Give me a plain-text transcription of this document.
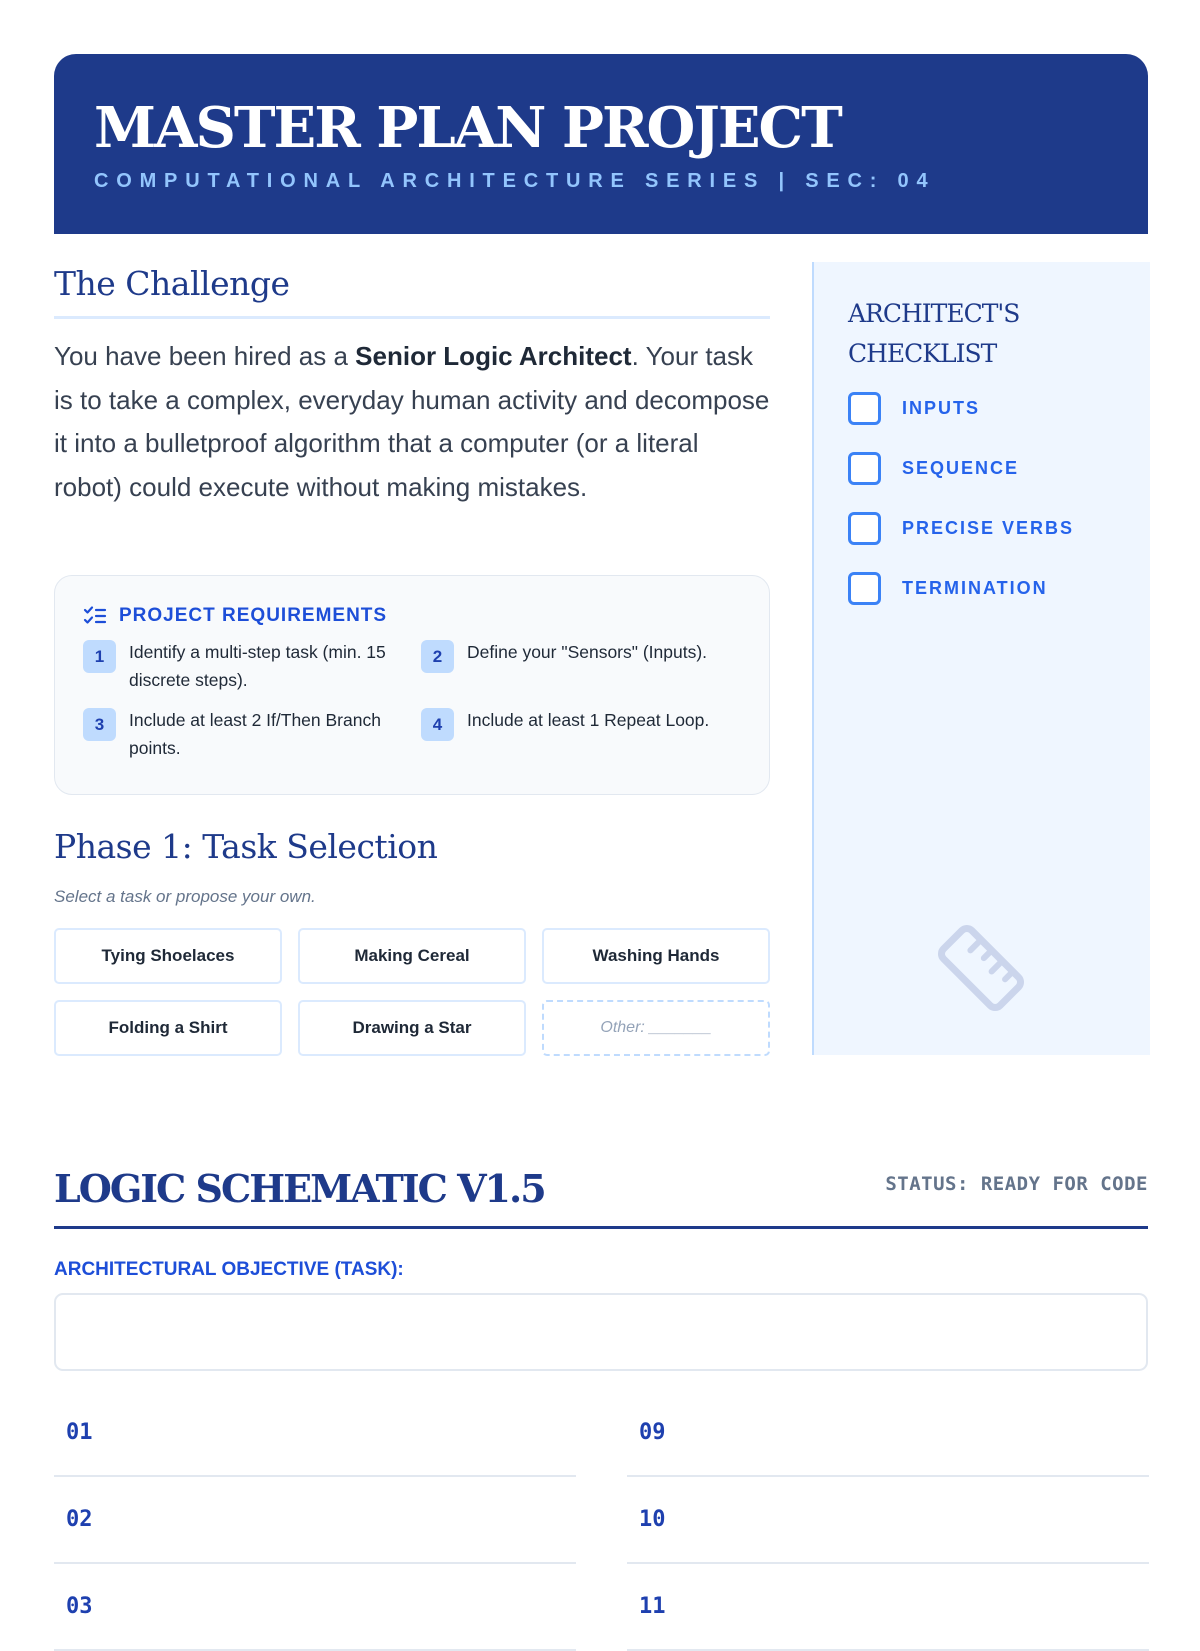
MASTER PLAN PROJECT
COMPUTATIONAL ARCHITECTURE SERIES | SEC: 04
The Challenge

You have been hired as a Senior Logic Architect. Your task is to take a complex, everyday human activity and decompose it into a bulletproof algorithm that a computer (or a literal robot) could execute without making mistakes.

PROJECT REQUIREMENTS
1	Identify a multi-step task (min. 15 discrete steps).
2	Define your "Sensors" (Inputs).
3	Include at least 2 If/Then Branch points.
4	Include at least 1 Repeat Loop.
Phase 1: Task Selection
Select a task or propose your own.
Tying Shoelaces	Making Cereal	Washing Hands
Folding a Shirt	Drawing a Star	Other: _______
ARCHITECT'S CHECKLIST
INPUTS
SEQUENCE
PRECISE VERBS
TERMINATION
LOGIC SCHEMATIC V1.5	STATUS: READY FOR CODE
ARCHITECTURAL OBJECTIVE (TASK):
01
02
03
09
10
11
